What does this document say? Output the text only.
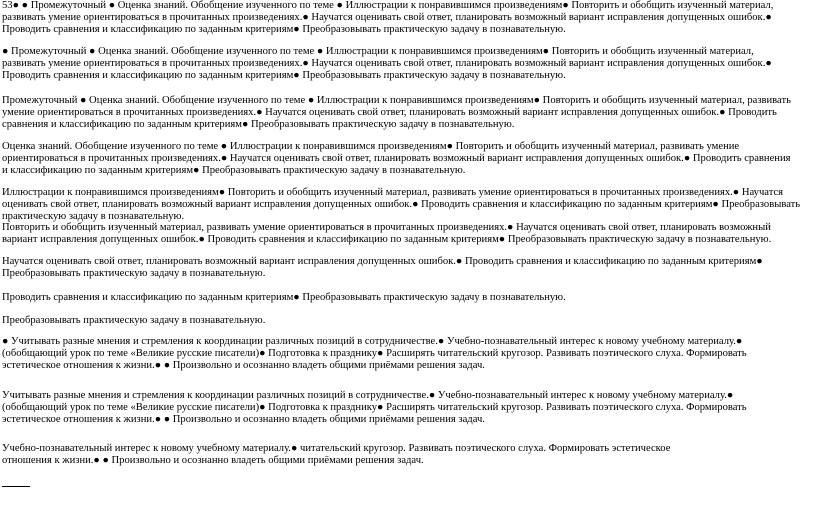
53● ● Промежуточный ● Оценка знаний. Обобщение изученного по теме ● Иллюстрации к понравившимся произведениям● Повторить и обобщить изученный материал, развивать умение ориентироваться в прочитанных произведениях.● Научатся оценивать свой ответ, планировать возможный вариант исправления допущенных ошибок.● Проводить сравнения и классификацию по заданным критериям● Преобразовывать практическую задачу в познавательную.

● Промежуточный ● Оценка знаний. Обобщение изученного по теме ● Иллюстрации к понравившимся произведениям● Повторить и обобщить изученный материал, развивать умение ориентироваться в прочитанных произведениях.● Научатся оценивать свой ответ, планировать возможный вариант исправления допущенных ошибок.● Проводить сравнения и классификацию по заданным критериям● Преобразовывать практическую задачу в познавательную.

Промежуточный ● Оценка знаний. Обобщение изученного по теме ● Иллюстрации к понравившимся произведениям● Повторить и обобщить изученный материал, развивать умение ориентироваться в прочитанных произведениях.● Научатся оценивать свой ответ, планировать возможный вариант исправления допущенных ошибок.● Проводить сравнения и классификацию по заданным критериям● Преобразовывать практическую задачу в познавательную.

Оценка знаний. Обобщение изученного по теме ● Иллюстрации к понравившимся произведениям● Повторить и обобщить изученный материал, развивать умение ориентироваться в прочитанных произведениях.● Научатся оценивать свой ответ, планировать возможный вариант исправления допущенных ошибок.● Проводить сравнения и классификацию по заданным критериям● Преобразовывать практическую задачу в познавательную.

Иллюстрации к понравившимся произведениям● Повторить и обобщить изученный материал, развивать умение ориентироваться в прочитанных произведениях.● Научатся оценивать свой ответ, планировать возможный вариант исправления допущенных ошибок.● Проводить сравнения и классификацию по заданным критериям● Преобразовывать практическую задачу в познавательную.

Повторить и обобщить изученный материал, развивать умение ориентироваться в прочитанных произведениях.● Научатся оценивать свой ответ, планировать возможный вариант исправления допущенных ошибок.● Проводить сравнения и классификацию по заданным критериям● Преобразовывать практическую задачу в познавательную.

Научатся оценивать свой ответ, планировать возможный вариант исправления допущенных ошибок.● Проводить сравнения и классификацию по заданным критериям● Преобразовывать практическую задачу в познавательную.

Проводить сравнения и классификацию по заданным критериям● Преобразовывать практическую задачу в познавательную.

Преобразовывать практическую задачу в познавательную.

● Учитывать разные мнения и стремления к координации различных позиций в сотрудничестве.● Учебно-познавательный интерес к новому учебному материалу.● (обобщающий урок по теме «Великие русские писатели)● Подготовка к празднику● Расширять читательский кругозор. Развивать поэтического слуха. Формировать эстетическое отношения к жизни.● ● Произвольно и осознанно владеть общими приёмами решения задач.

Учитывать разные мнения и стремления к координации различных позиций в сотрудничестве.● Учебно-познавательный интерес к новому учебному материалу.● (обобщающий урок по теме «Великие русские писатели)● Подготовка к празднику● Расширять читательский кругозор. Развивать поэтического слуха. Формировать эстетическое отношения к жизни.● ● Произвольно и осознанно владеть общими приёмами решения задач.

Учебно-познавательный интерес к новому учебному материалу.● читательский кругозор. Развивать поэтического слуха. Формировать эстетическое отношения к жизни.● ● Произвольно и осознанно владеть общими приёмами решения задач.
